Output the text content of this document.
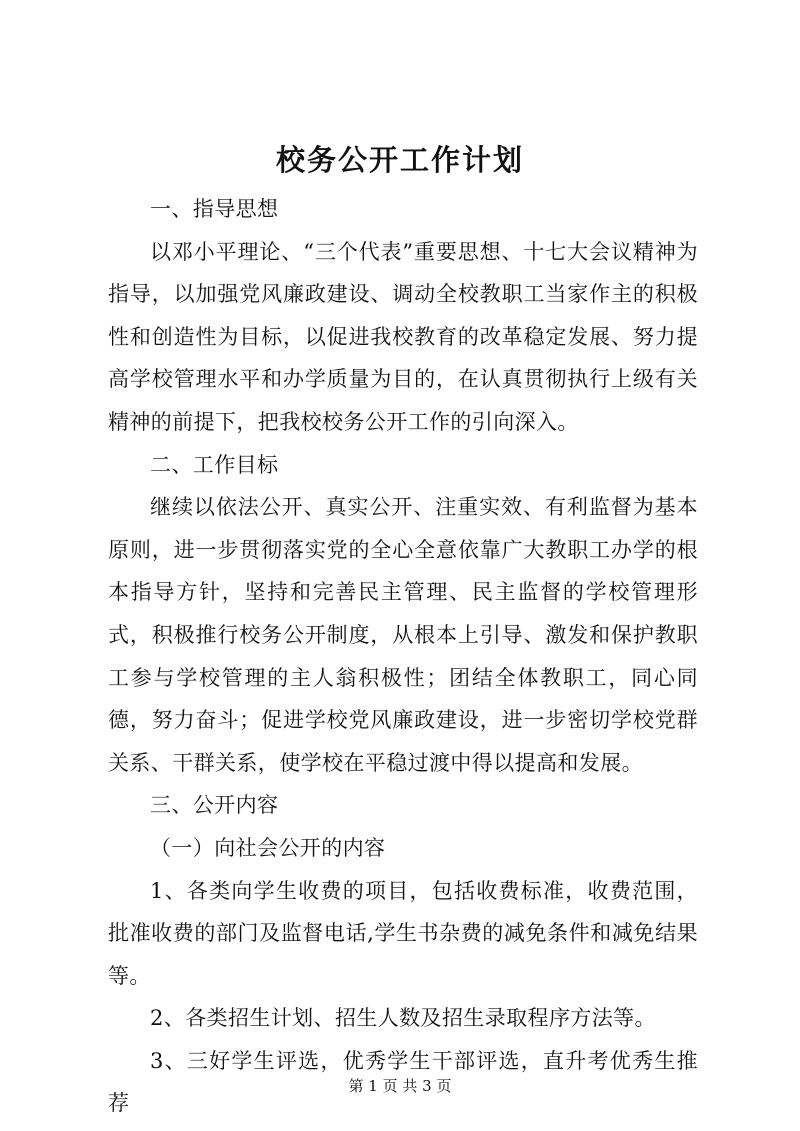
校务公开工作计划

一、指导思想

以邓小平理论、“三个代表”重要思想、十七大会议精神为指导，以加强党风廉政建设、调动全校教职工当家作主的积极性和创造性为目标，以促进我校教育的改革稳定发展、努力提高学校管理水平和办学质量为目的，在认真贯彻执行上级有关精神的前提下，把我校校务公开工作的引向深入。

二、工作目标

继续以依法公开、真实公开、注重实效、有利监督为基本原则，进一步贯彻落实党的全心全意依靠广大教职工办学的根本指导方针，坚持和完善民主管理、民主监督的学校管理形式，积极推行校务公开制度，从根本上引导、激发和保护教职工参与学校管理的主人翁积极性；团结全体教职工，同心同德，努力奋斗；促进学校党风廉政建设，进一步密切学校党群关系、干群关系，使学校在平稳过渡中得以提高和发展。

三、公开内容

（一）向社会公开的内容

1、各类向学生收费的项目，包括收费标准，收费范围，批准收费的部门及监督电话,学生书杂费的减免条件和减免结果等。

2、各类招生计划、招生人数及招生录取程序方法等。

3、三好学生评选，优秀学生干部评选，直升考优秀生推荐

第 1 页 共 3 页
